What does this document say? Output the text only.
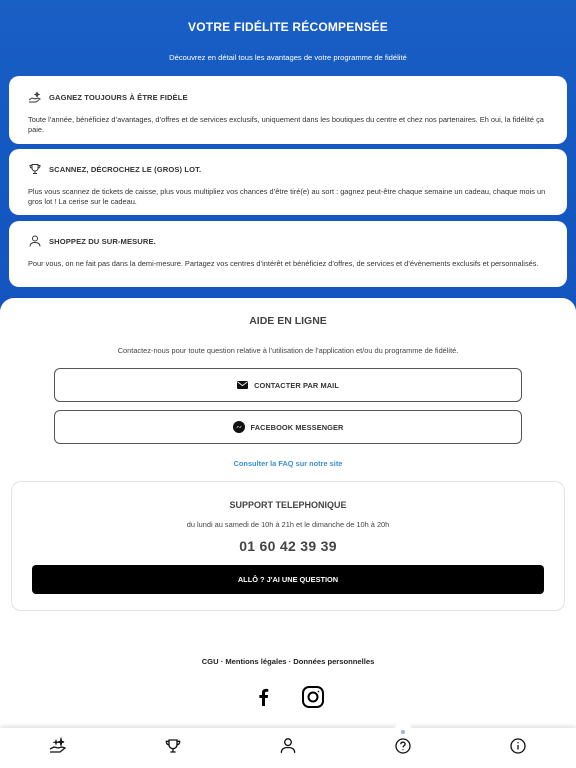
VOTRE FIDÉLITE RÉCOMPENSÉE
Découvrez en détail tous les avantages de votre programme de fidélité
GAGNEZ TOUJOURS À ÊTRE FIDÈLE
Toute l’année, bénéficiez d’avantages, d’offres et de services exclusifs, uniquement dans les boutiques du centre et chez nos partenaires. Eh oui, la fidélité ça paie.
SCANNEZ, DÉCROCHEZ LE (GROS) LOT.
Plus vous scannez de tickets de caisse, plus vous multipliez vos chances d’être tiré(e) au sort : gagnez peut-être chaque semaine un cadeau, chaque mois un gros lot ! La cerise sur le cadeau.
SHOPPEZ DU SUR-MESURE.
Pour vous, on ne fait pas dans la demi-mesure. Partagez vos centres d’intérêt et bénéficiez d’offres, de services et d’évènements exclusifs et personnalisés.
AIDE EN LIGNE
Contactez-nous pour toute question relative à l’utilisation de l’application et/ou du programme de fidélité.
CONTACTER PAR MAIL
FACEBOOK MESSENGER
Consulter la FAQ sur notre site
SUPPORT TELEPHONIQUE
du lundi au samedi de 10h à 21h et le dimanche de 10h à 20h
01 60 42 39 39
ALLÔ ? J'AI UNE QUESTION
CGU · Mentions légales · Données personnelles
